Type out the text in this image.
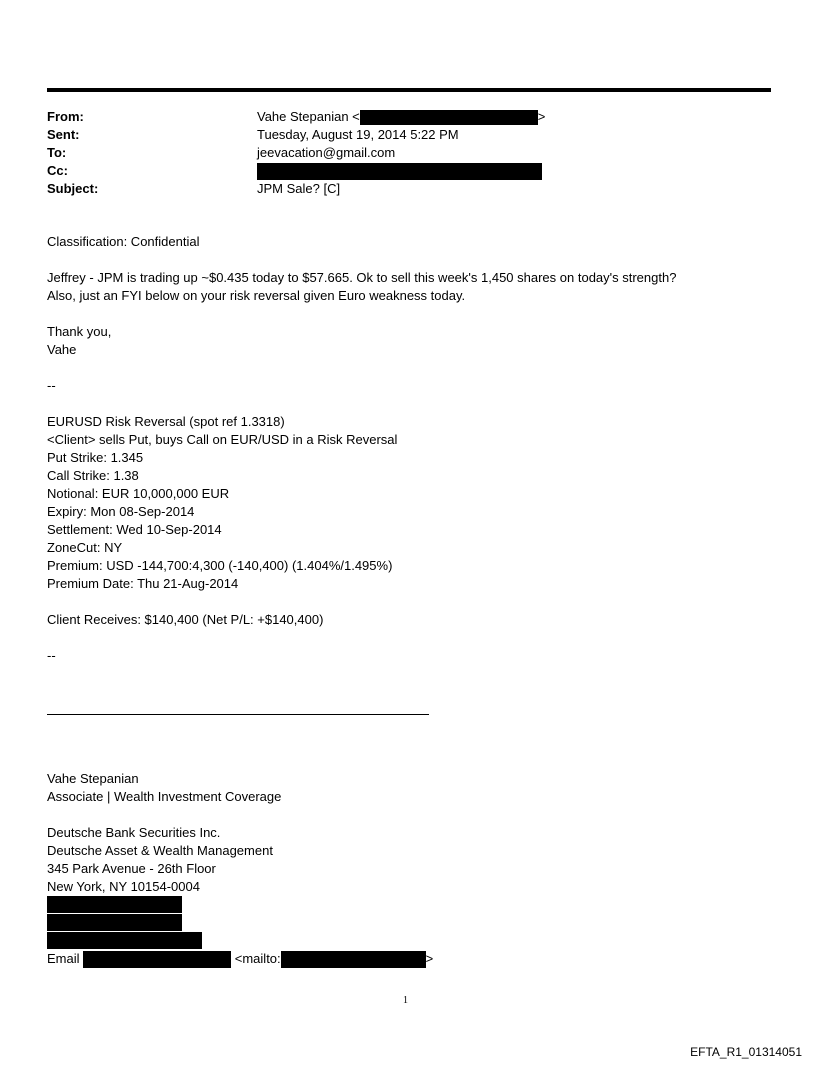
From:	Vahe Stepanian <	>
Sent:	Tuesday, August 19, 2014 5:22 PM
To:	jeevacation@gmail.com
Cc:
Subject:	JPM Sale? [C]
Classification: Confidential
Jeffrey - JPM is trading up ~$0.435 today to $57.665. Ok to sell this week's 1,450 shares on today's strength?
Also, just an FYI below on your risk reversal given Euro weakness today.
Thank you,
Vahe
--
EURUSD Risk Reversal (spot ref 1.3318)
<Client> sells Put, buys Call on EUR/USD in a Risk Reversal
Put Strike: 1.345
Call Strike: 1.38
Notional: EUR 10,000,000 EUR
Expiry: Mon 08-Sep-2014
Settlement: Wed 10-Sep-2014
ZoneCut: NY
Premium: USD -144,700:4,300 (-140,400) (1.404%/1.495%)
Premium Date: Thu 21-Aug-2014
Client Receives: $140,400 (Net P/L: +$140,400)
--
Vahe Stepanian
Associate | Wealth Investment Coverage
Deutsche Bank Securities Inc.
Deutsche Asset & Wealth Management
345 Park Avenue - 26th Floor
New York, NY 10154-0004
Email	<mailto:	>
1
EFTA_R1_01314051
